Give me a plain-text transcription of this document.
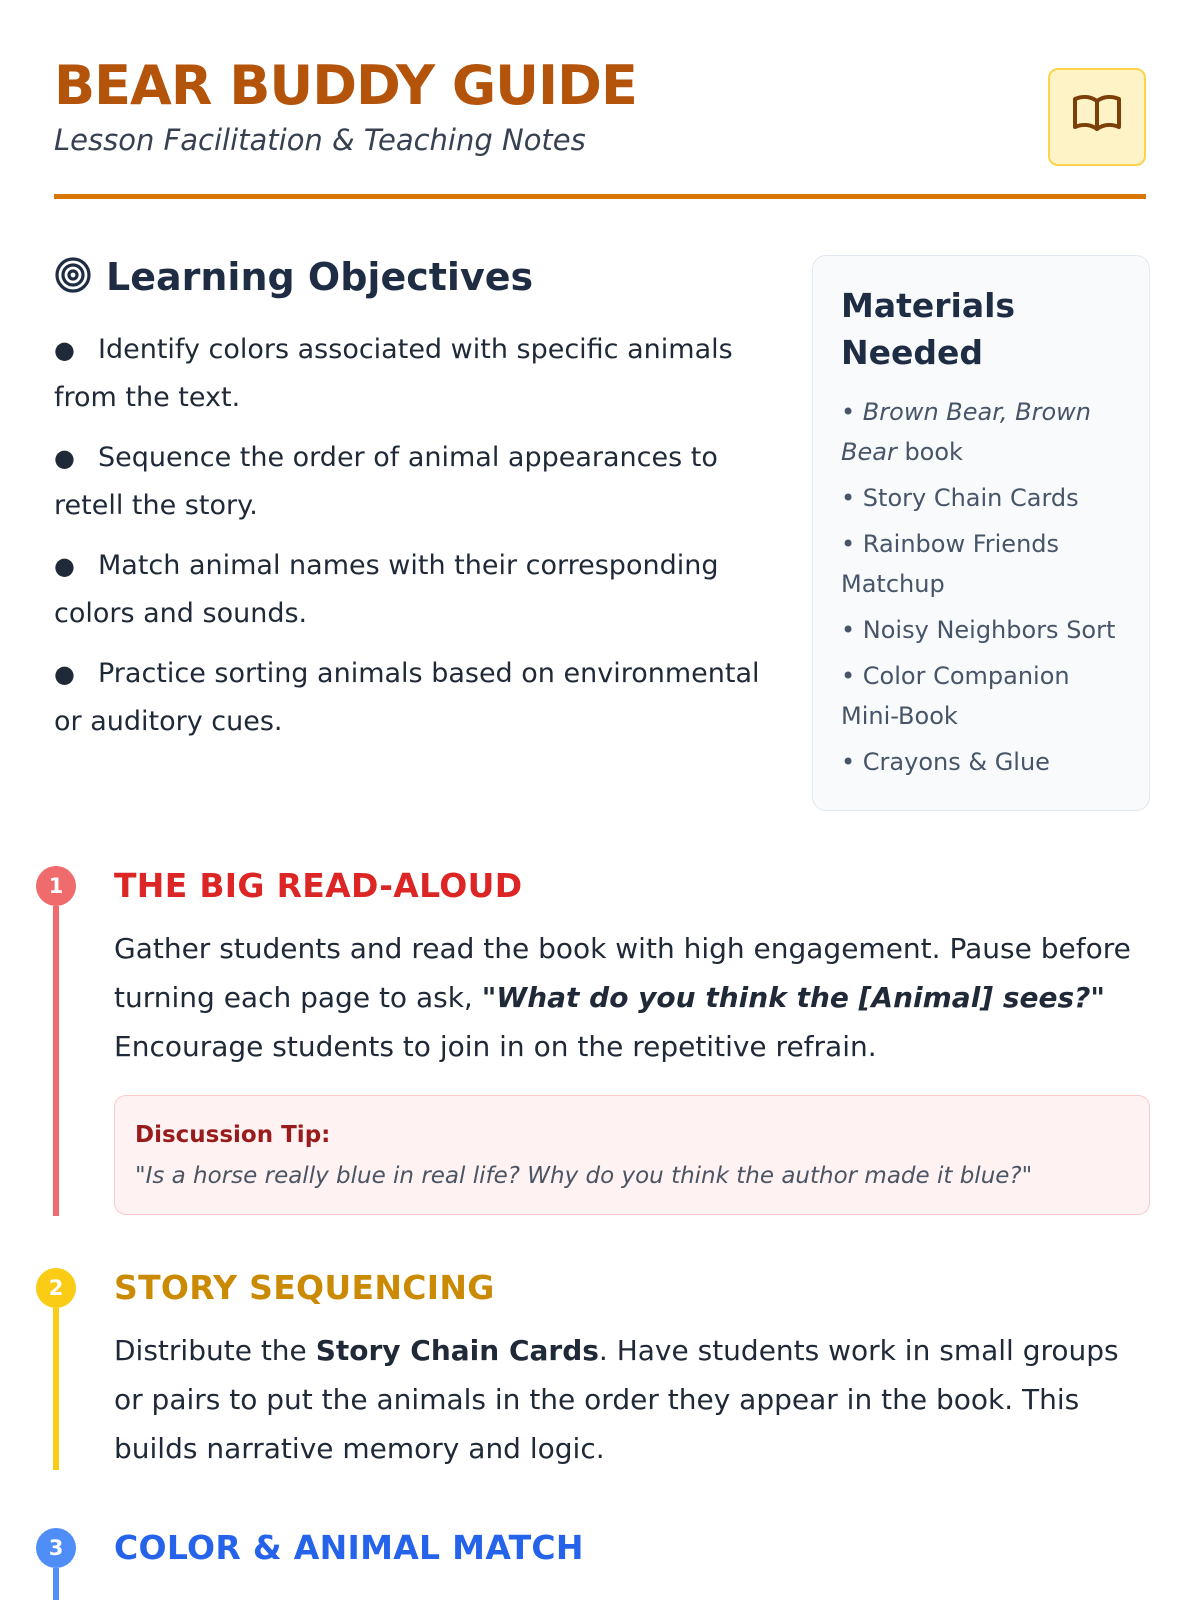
BEAR BUDDY GUIDE
Lesson Facilitation & Teaching Notes
Learning Objectives
● Identify colors associated with specific animals from the text.
● Sequence the order of animal appearances to retell the story.
● Match animal names with their corresponding colors and sounds.
● Practice sorting animals based on environmental or auditory cues.
Materials Needed
• Brown Bear, Brown Bear book
• Story Chain Cards
• Rainbow Friends Matchup
• Noisy Neighbors Sort
• Color Companion Mini-Book
• Crayons & Glue
1 THE BIG READ-ALOUD
Gather students and read the book with high engagement. Pause before turning each page to ask, "What do you think the [Animal] sees?" Encourage students to join in on the repetitive refrain.
Discussion Tip:
"Is a horse really blue in real life? Why do you think the author made it blue?"
2 STORY SEQUENCING
Distribute the Story Chain Cards. Have students work in small groups or pairs to put the animals in the order they appear in the book. This builds narrative memory and logic.
3 COLOR & ANIMAL MATCH
